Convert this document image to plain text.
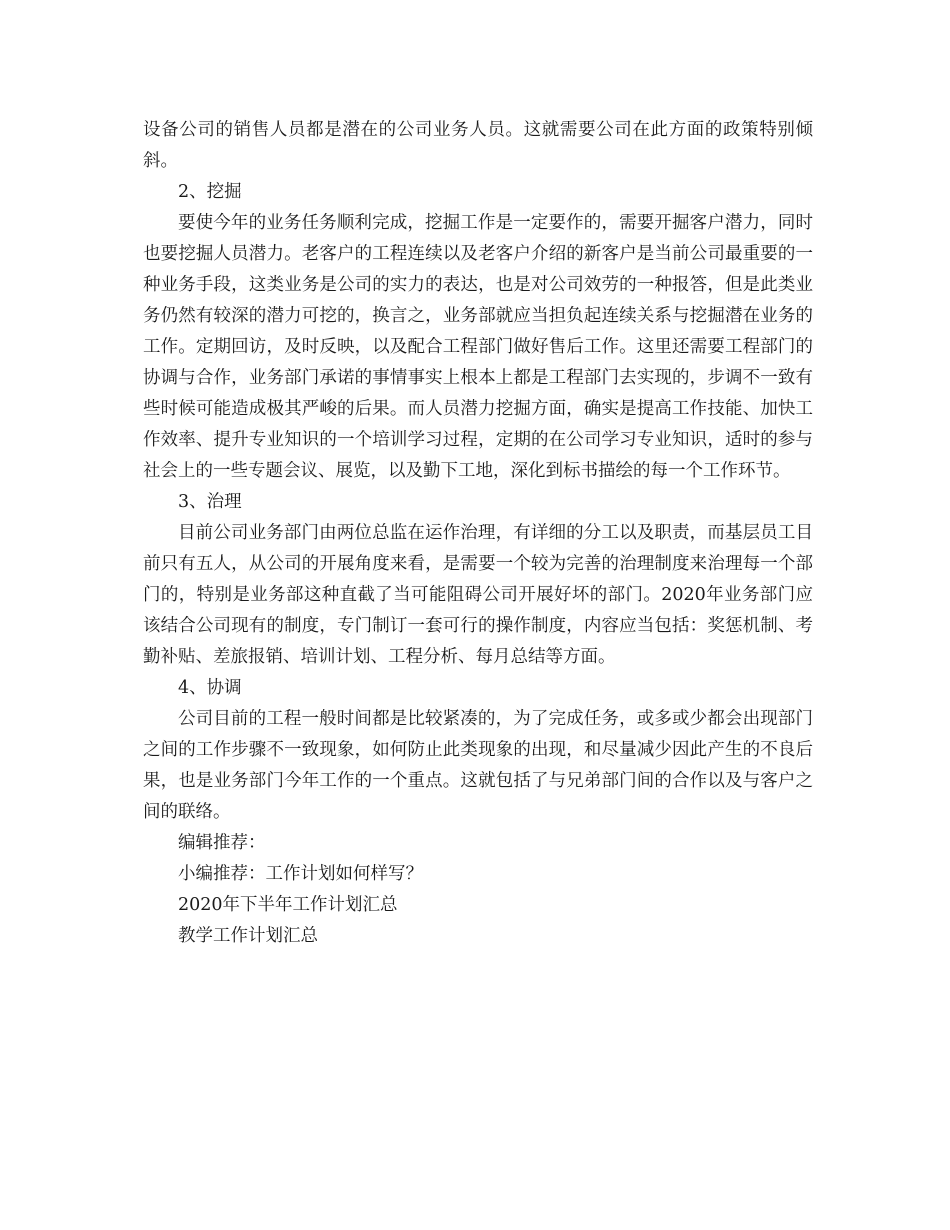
设备公司的销售人员都是潜在的公司业务人员。这就需要公司在此方面的政策特别倾斜。

2、挖掘

要使今年的业务任务顺利完成，挖掘工作是一定要作的，需要开掘客户潜力，同时也要挖掘人员潜力。老客户的工程连续以及老客户介绍的新客户是当前公司最重要的一种业务手段，这类业务是公司的实力的表达，也是对公司效劳的一种报答，但是此类业务仍然有较深的潜力可挖的，换言之，业务部就应当担负起连续关系与挖掘潜在业务的工作。定期回访，及时反映，以及配合工程部门做好售后工作。这里还需要工程部门的协调与合作，业务部门承诺的事情事实上根本上都是工程部门去实现的，步调不一致有些时候可能造成极其严峻的后果。而人员潜力挖掘方面，确实是提高工作技能、加快工作效率、提升专业知识的一个培训学习过程，定期的在公司学习专业知识，适时的参与社会上的一些专题会议、展览，以及勤下工地，深化到标书描绘的每一个工作环节。

3、治理

目前公司业务部门由两位总监在运作治理，有详细的分工以及职责，而基层员工目前只有五人，从公司的开展角度来看，是需要一个较为完善的治理制度来治理每一个部门的，特别是业务部这种直截了当可能阻碍公司开展好坏的部门。2020年业务部门应该结合公司现有的制度，专门制订一套可行的操作制度，内容应当包括：奖惩机制、考勤补贴、差旅报销、培训计划、工程分析、每月总结等方面。

4、协调

公司目前的工程一般时间都是比较紧凑的，为了完成任务，或多或少都会出现部门之间的工作步骤不一致现象，如何防止此类现象的出现，和尽量减少因此产生的不良后果，也是业务部门今年工作的一个重点。这就包括了与兄弟部门间的合作以及与客户之间的联络。

编辑推荐：

小编推荐：工作计划如何样写？

2020年下半年工作计划汇总

教学工作计划汇总
